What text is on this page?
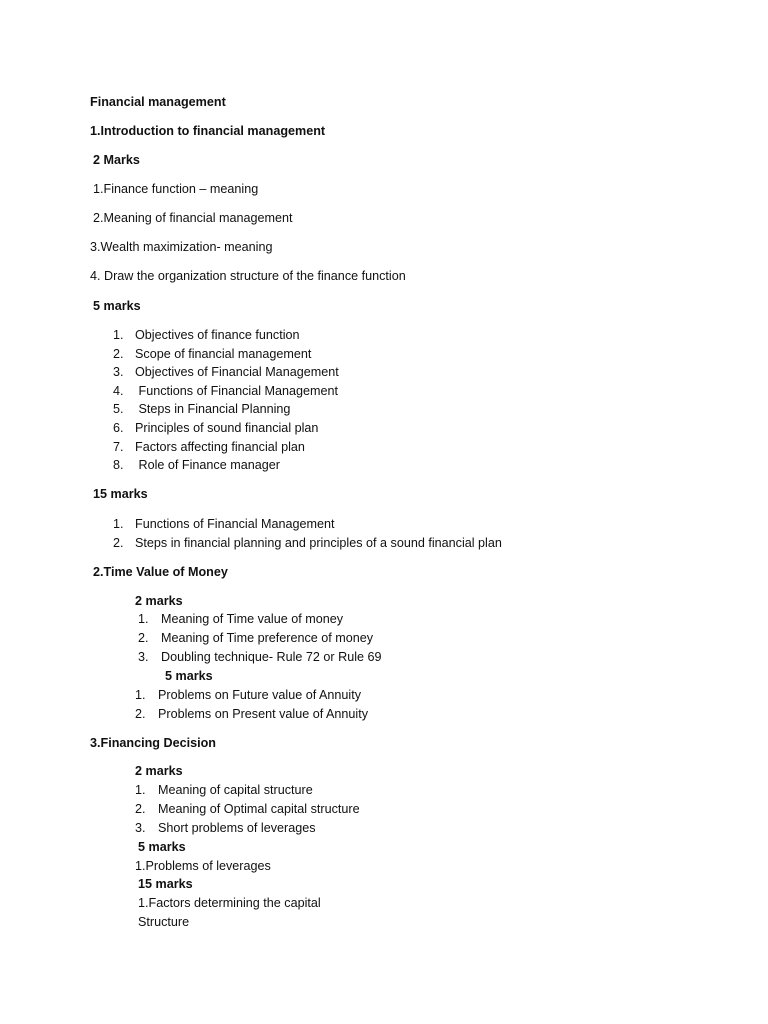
Financial management
1.Introduction to financial management
2 Marks
1.Finance function – meaning
2.Meaning of financial management
3.Wealth maximization- meaning
4. Draw the organization structure of the finance function
5 marks
1. Objectives of finance function
2. Scope of financial management
3. Objectives of Financial Management
4. Functions of Financial Management
5. Steps in Financial Planning
6. Principles of sound financial plan
7. Factors affecting financial plan
8. Role of Finance manager
15 marks
1. Functions of Financial Management
2. Steps in financial planning and principles of a sound financial plan
2.Time Value of Money
2 marks
1. Meaning of Time value of money
2. Meaning of Time preference of money
3. Doubling technique- Rule 72 or Rule 69
5 marks
1. Problems on Future value of Annuity
2. Problems on Present value of Annuity
3.Financing Decision
2 marks
1. Meaning of capital structure
2. Meaning of Optimal capital structure
3. Short problems of leverages
5 marks
1.Problems of leverages
15 marks
1.Factors determining the capital
Structure
